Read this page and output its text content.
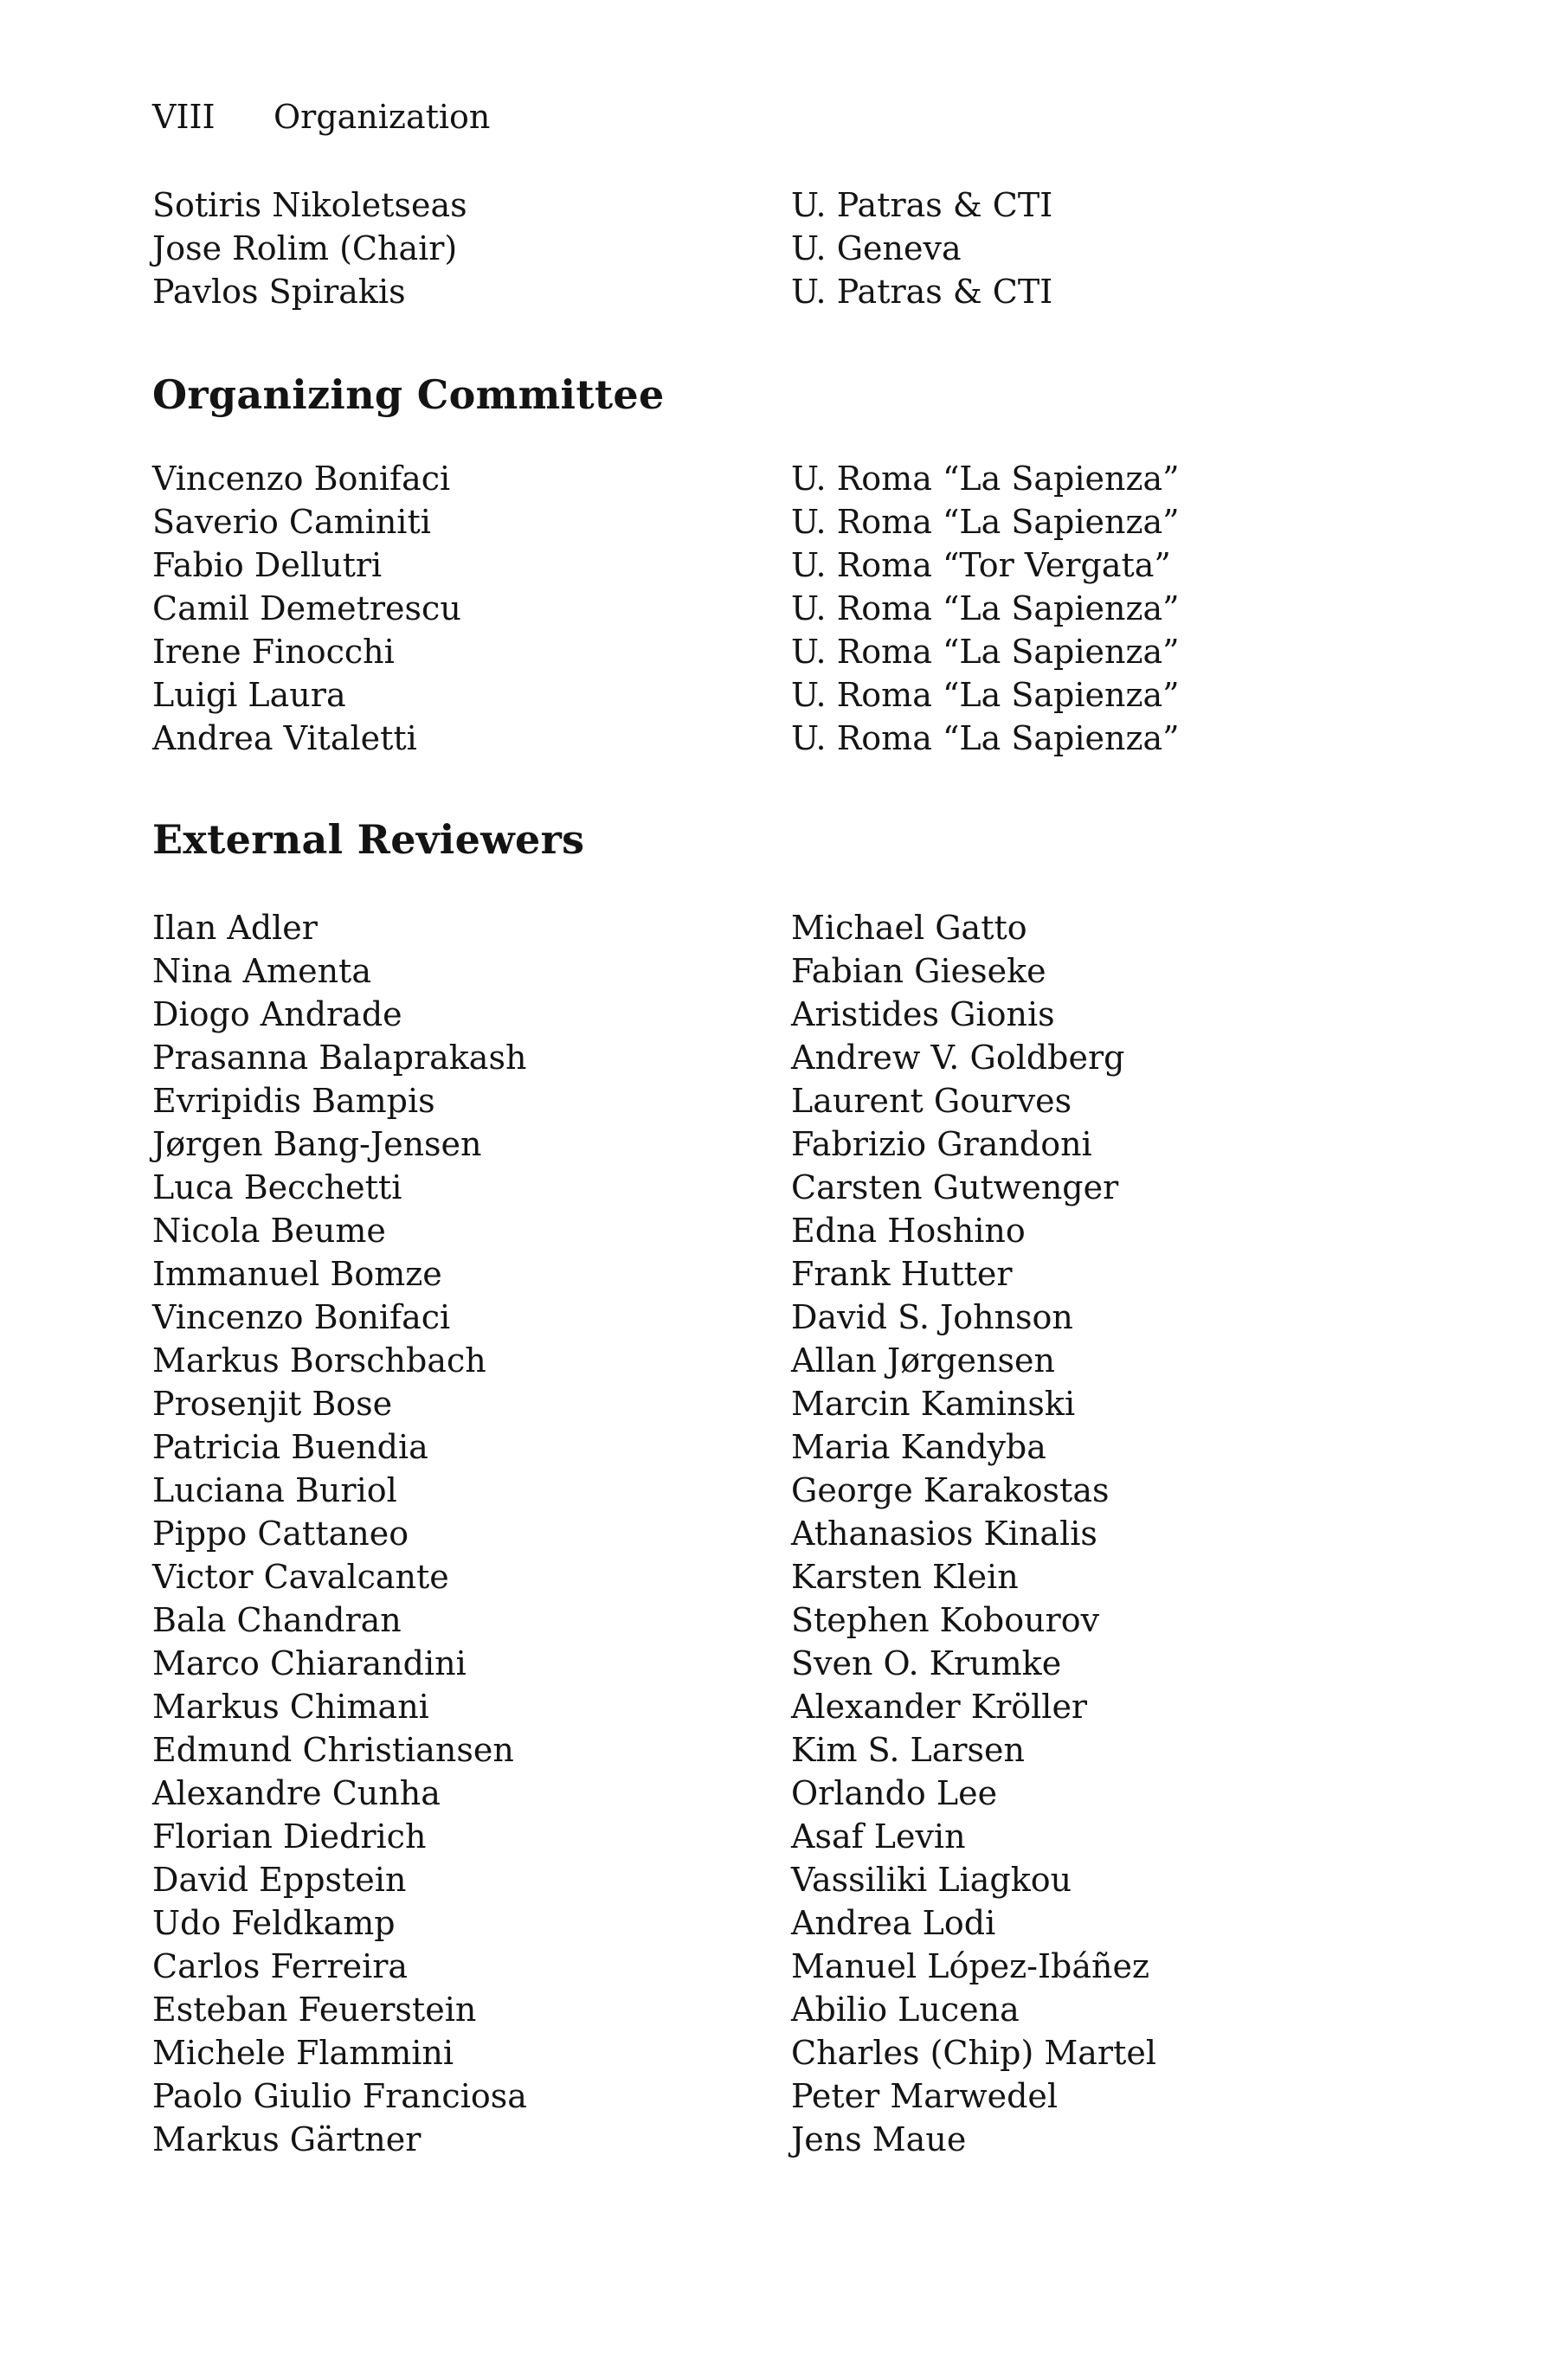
VIII Organization
Sotiris Nikoletseas	U. Patras & CTI
Jose Rolim (Chair)	U. Geneva
Pavlos Spirakis	U. Patras & CTI
Organizing Committee
Vincenzo Bonifaci	U. Roma “La Sapienza”
Saverio Caminiti	U. Roma “La Sapienza”
Fabio Dellutri	U. Roma “Tor Vergata”
Camil Demetrescu	U. Roma “La Sapienza”
Irene Finocchi	U. Roma “La Sapienza”
Luigi Laura	U. Roma “La Sapienza”
Andrea Vitaletti	U. Roma “La Sapienza”
External Reviewers
Ilan Adler	Michael Gatto
Nina Amenta	Fabian Gieseke
Diogo Andrade	Aristides Gionis
Prasanna Balaprakash	Andrew V. Goldberg
Evripidis Bampis	Laurent Gourves
Jørgen Bang-Jensen	Fabrizio Grandoni
Luca Becchetti	Carsten Gutwenger
Nicola Beume	Edna Hoshino
Immanuel Bomze	Frank Hutter
Vincenzo Bonifaci	David S. Johnson
Markus Borschbach	Allan Jørgensen
Prosenjit Bose	Marcin Kaminski
Patricia Buendia	Maria Kandyba
Luciana Buriol	George Karakostas
Pippo Cattaneo	Athanasios Kinalis
Victor Cavalcante	Karsten Klein
Bala Chandran	Stephen Kobourov
Marco Chiarandini	Sven O. Krumke
Markus Chimani	Alexander Kröller
Edmund Christiansen	Kim S. Larsen
Alexandre Cunha	Orlando Lee
Florian Diedrich	Asaf Levin
David Eppstein	Vassiliki Liagkou
Udo Feldkamp	Andrea Lodi
Carlos Ferreira	Manuel López-Ibáñez
Esteban Feuerstein	Abilio Lucena
Michele Flammini	Charles (Chip) Martel
Paolo Giulio Franciosa	Peter Marwedel
Markus Gärtner	Jens Maue
